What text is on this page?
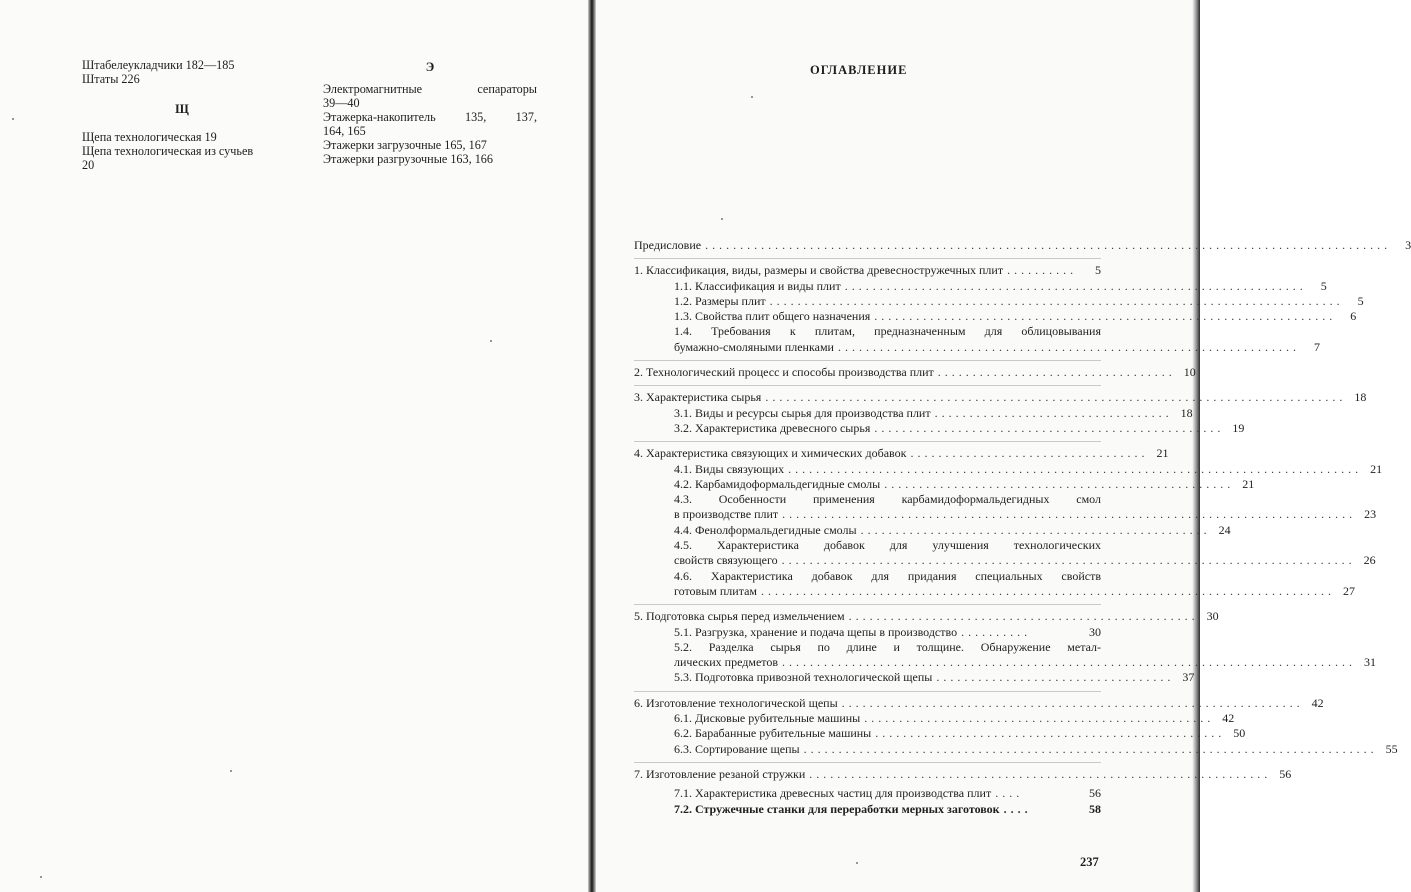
Штабелеукладчики 182—185

Штаты 226

Щ

Щепа технологическая 19

Щепа технологическая из сучьев

20

Э

Электромагнитные сепараторы

39—40

Этажерка-накопитель 135, 137,

164, 165

Этажерки загрузочные 165, 167

Этажерки разгрузочные 163, 166

ОГЛАВЛЕНИЕ
Предисловие ..................................................................................................	3
1. Классификация, виды, размеры и свойства древесностружечных плит ..........	5
1.1. Классификация и виды плит ..................................................................	5
1.2. Размеры плит ..................................................................................	5
1.3. Свойства плит общего назначения ..................................................................	6
1.4. Требования к плитам, предназначенным для облицовывания
бумажно-смоляными пленками ..................................................................	7
2. Технологический процесс и способы производства плит .................................. 10
3. Характеристика сырья ................................................................................... 18
3.1. Виды и ресурсы сырья для производства плит .................................. 18
3.2. Характеристика древесного сырья .................................................. 19
4. Характеристика связующих и химических добавок .................................. 21
4.1. Виды связующих .................................................................................. 21
4.2. Карбамидоформальдегидные смолы .................................................. 21
4.3. Особенности применения карбамидоформальдегидных смол
в производстве плит .................................................................................. 23
4.4. Фенолформальдегидные смолы .................................................. 24
4.5. Характеристика добавок для улучшения технологических
свойств связующего .................................................................................. 26
4.6. Характеристика добавок для придания специальных свойств
готовым плитам .................................................................................. 27
5. Подготовка сырья перед измельчением .................................................. 30
5.1. Разгрузка, хранение и подача щепы в производство ..........	30
5.2. Разделка сырья по длине и толщине. Обнаружение метал-
лических предметов .................................................................................. 31
5.3. Подготовка привозной технологической щепы .................................. 37
6. Изготовление технологической щепы .................................................................. 42
6.1. Дисковые рубительные машины .................................................. 42
6.2. Барабанные рубительные машины .................................................. 50
6.3. Сортирование щепы .................................................................................. 55
7. Изготовление резаной стружки .................................................................. 56
7.1. Характеристика древесных частиц для производства плит ....	56
7.2. Стружечные станки для переработки мерных заготовок ....	58
237
